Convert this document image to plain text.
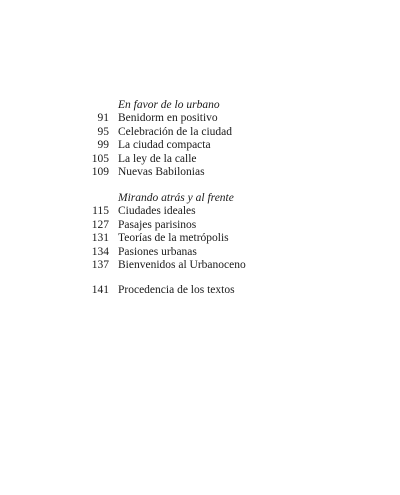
En favor de lo urbano
91 Benidorm en positivo
95 Celebración de la ciudad
99 La ciudad compacta
105 La ley de la calle
109 Nuevas Babilonias
Mirando atrás y al frente
115 Ciudades ideales
127 Pasajes parisinos
131 Teorías de la metrópolis
134 Pasiones urbanas
137 Bienvenidos al Urbanoceno
141 Procedencia de los textos
